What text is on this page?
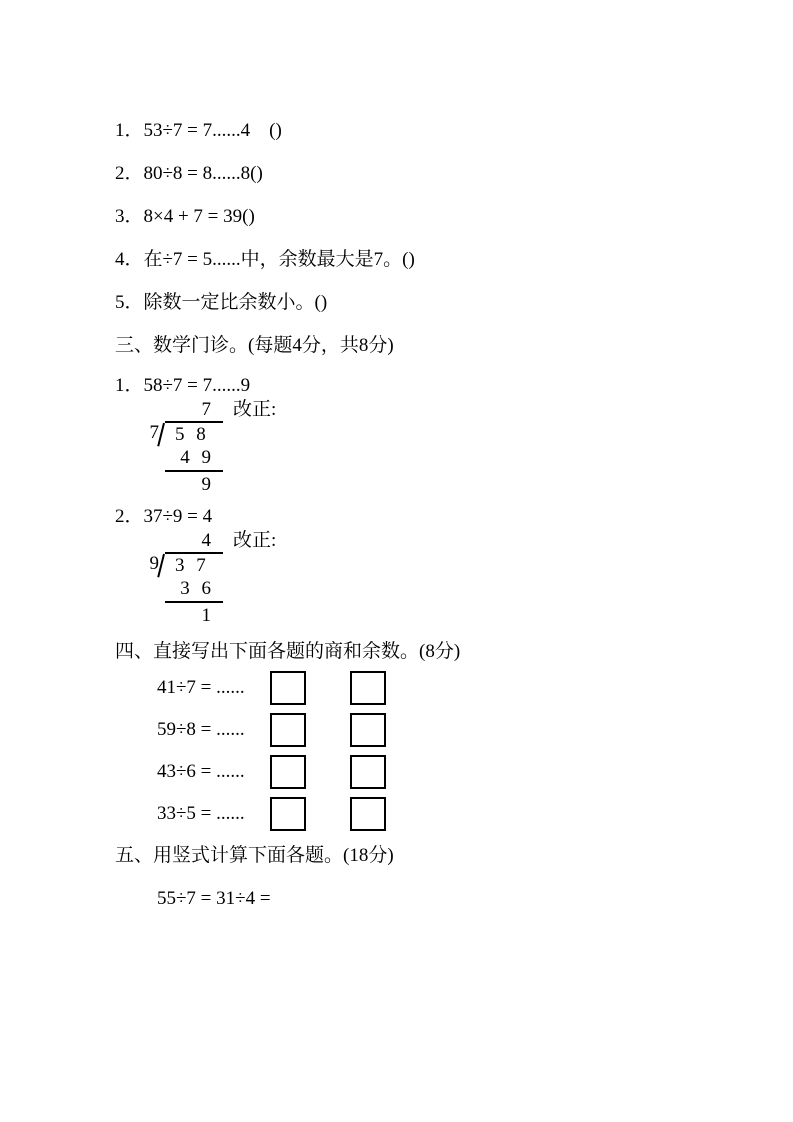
1．53÷7 = 7......4    ()
2．80÷8 = 8......8()
3．8×4 + 7 = 39()
4．在÷7 = 5......中，余数最大是7。()
5．除数一定比余数小。()
三、数学门诊。(每题4分，共8分)
1．58÷7 = 7......9
改正:
7
7 5 8
4 9
9
2．37÷9 = 4
改正:
4
9 3 7
3 6
1
四、直接写出下面各题的商和余数。(8分)
41÷7 = ......
59÷8 = ......
43÷6 = ......
33÷5 = ......
五、用竖式计算下面各题。(18分)
55÷7 = 31÷4 =
